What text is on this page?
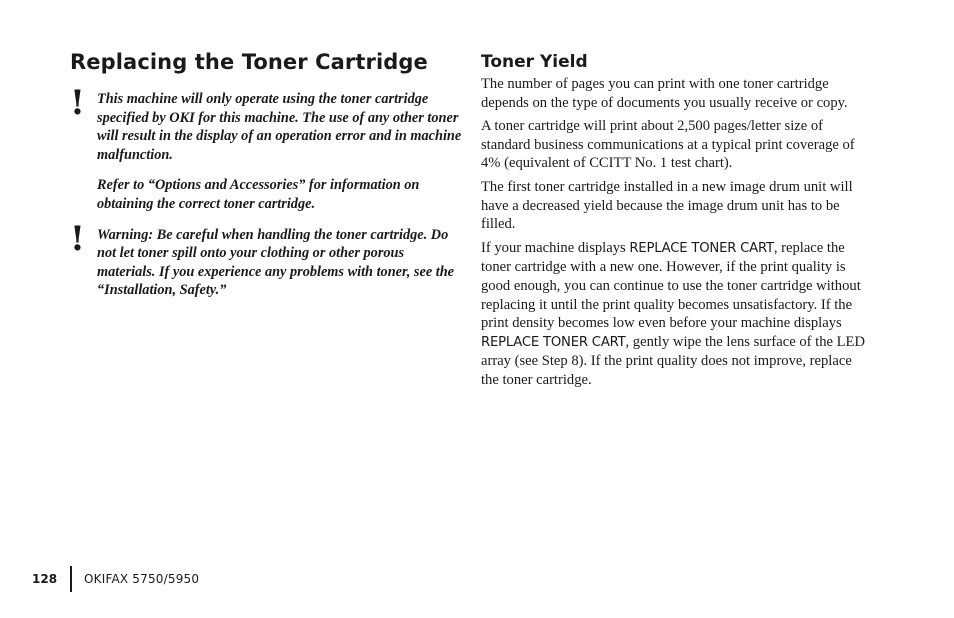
Replacing the Toner Cartridge
! This machine will only operate using the toner cartridge specified by OKI for this machine. The use of any other toner will result in the display of an operation error and in machine malfunction.

Refer to “Options and Accessories” for information on obtaining the correct toner cartridge.

! Warning: Be careful when handling the toner cartridge. Do not let toner spill onto your clothing or other porous materials. If you experience any problems with toner, see the “Installation, Safety.”

Toner Yield

The number of pages you can print with one toner cartridge depends on the type of documents you usually receive or copy.

A toner cartridge will print about 2,500 pages/letter size of standard business communications at a typical print coverage of 4% (equivalent of CCITT No. 1 test chart).

The first toner cartridge installed in a new image drum unit will have a decreased yield because the image drum unit has to be filled.

If your machine displays REPLACE TONER CART, replace the toner cartridge with a new one. However, if the print quality is good enough, you can continue to use the toner cartridge without replacing it until the print quality becomes unsatisfactory. If the print density becomes low even before your machine displays REPLACE TONER CART, gently wipe the lens surface of the LED array (see Step 8). If the print quality does not improve, replace the toner cartridge.

128 OKIFAX 5750/5950
